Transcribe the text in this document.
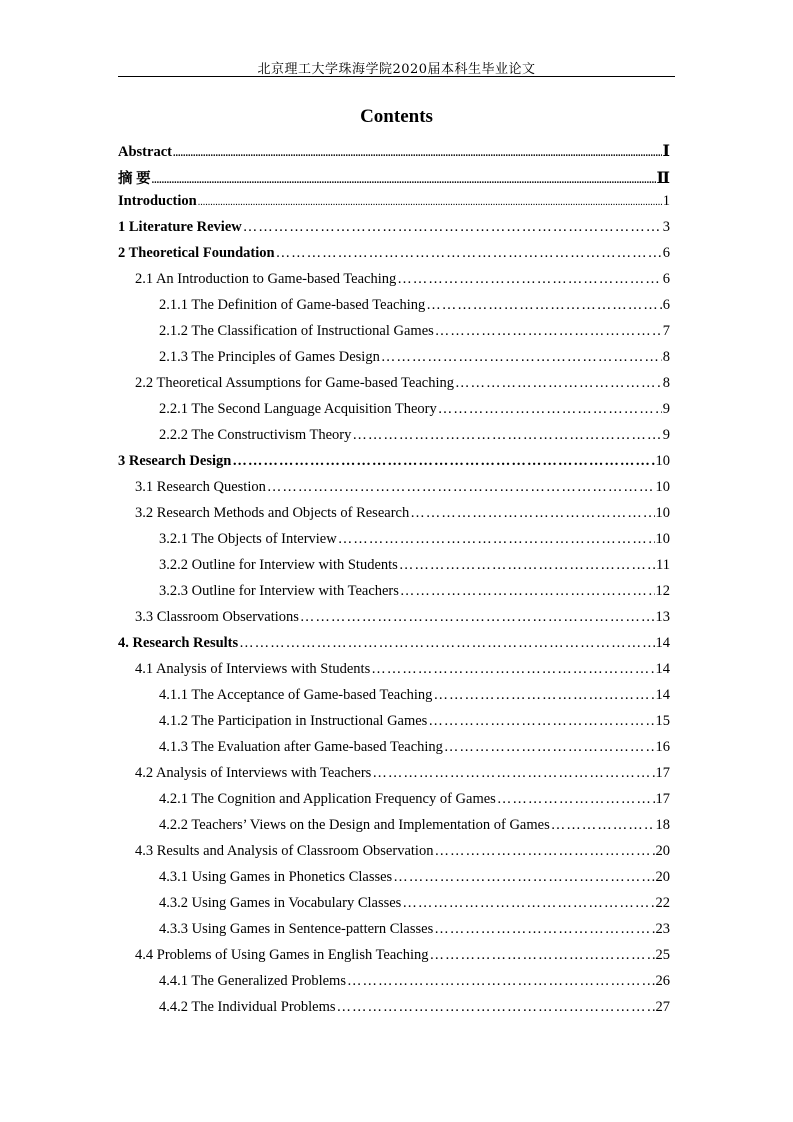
北京理工大学珠海学院2020届本科生毕业论文
Contents
Abstract .....	Ⅰ
摘 要 .....	Ⅱ
Introduction .....	1
1 Literature Review …………………………………………………………………………………………………………………………………………………………………………………………	3
2 Theoretical Foundation …………………………………………………………………………………………………………………………………………………………………………………………	6
2.1 An Introduction to Game-based Teaching …………………………………………………………………………………………………………………………………………………………………………………………	6
2.1.1 The Definition of Game-based Teaching …………………………………………………………………………………………………………………………………………………………………………………………	6
2.1.2 The Classification of Instructional Games …………………………………………………………………………………………………………………………………………………………………………………………	7
2.1.3 The Principles of Games Design …………………………………………………………………………………………………………………………………………………………………………………………	8
2.2 Theoretical Assumptions for Game-based Teaching …………………………………………………………………………………………………………………………………………………………………………………………	8
2.2.1 The Second Language Acquisition Theory …………………………………………………………………………………………………………………………………………………………………………………………	9
2.2.2 The Constructivism Theory …………………………………………………………………………………………………………………………………………………………………………………………	9
3 Research Design …………………………………………………………………………………………………………………………………………………………………………………………	10
3.1 Research Question …………………………………………………………………………………………………………………………………………………………………………………………	10
3.2 Research Methods and Objects of Research …………………………………………………………………………………………………………………………………………………………………………………………	10
3.2.1 The Objects of Interview …………………………………………………………………………………………………………………………………………………………………………………………	10
3.2.2 Outline for Interview with Students …………………………………………………………………………………………………………………………………………………………………………………………	11
3.2.3 Outline for Interview with Teachers …………………………………………………………………………………………………………………………………………………………………………………………	12
3.3 Classroom Observations …………………………………………………………………………………………………………………………………………………………………………………………	13
4. Research Results …………………………………………………………………………………………………………………………………………………………………………………………	14
4.1 Analysis of Interviews with Students …………………………………………………………………………………………………………………………………………………………………………………………	14
4.1.1 The Acceptance of Game-based Teaching …………………………………………………………………………………………………………………………………………………………………………………………	14
4.1.2 The Participation in Instructional Games …………………………………………………………………………………………………………………………………………………………………………………………	15
4.1.3 The Evaluation after Game-based Teaching …………………………………………………………………………………………………………………………………………………………………………………………	16
4.2 Analysis of Interviews with Teachers …………………………………………………………………………………………………………………………………………………………………………………………	17
4.2.1 The Cognition and Application Frequency of Games …………………………………………………………………………………………………………………………………………………………………………………………	17
4.2.2 Teachers’ Views on the Design and Implementation of Games …………………………………………………………………………………………………………………………………………………………………………………………	18
4.3 Results and Analysis of Classroom Observation …………………………………………………………………………………………………………………………………………………………………………………………	20
4.3.1 Using Games in Phonetics Classes …………………………………………………………………………………………………………………………………………………………………………………………	20
4.3.2 Using Games in Vocabulary Classes …………………………………………………………………………………………………………………………………………………………………………………………	22
4.3.3 Using Games in Sentence-pattern Classes …………………………………………………………………………………………………………………………………………………………………………………………	23
4.4 Problems of Using Games in English Teaching …………………………………………………………………………………………………………………………………………………………………………………………	25
4.4.1 The Generalized Problems …………………………………………………………………………………………………………………………………………………………………………………………	26
4.4.2 The Individual Problems …………………………………………………………………………………………………………………………………………………………………………………………	27
